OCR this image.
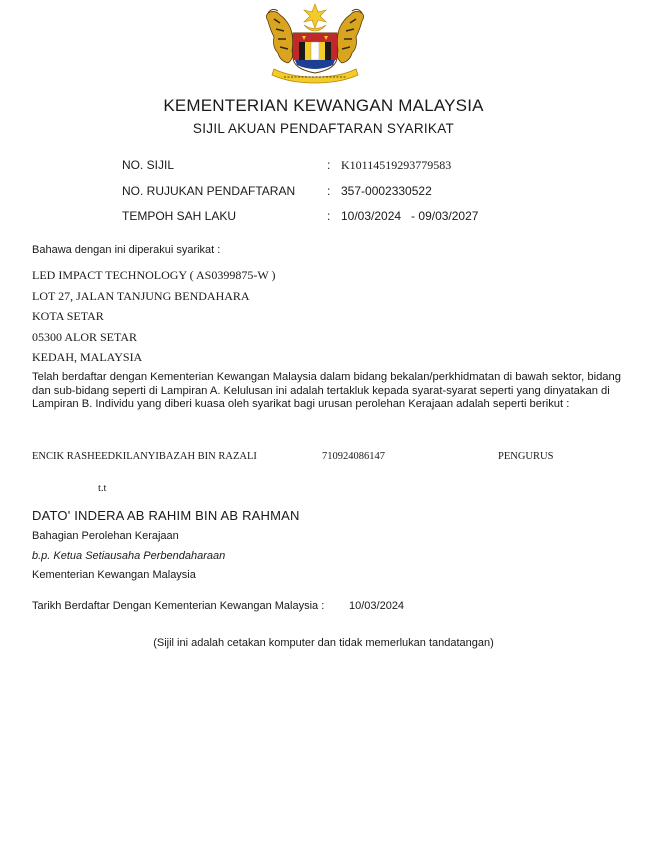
KEMENTERIAN KEWANGAN MALAYSIA
SIJIL AKUAN PENDAFTARAN SYARIKAT
NO. SIJIL	: K10114519293779583
NO. RUJUKAN PENDAFTARAN	: 357-0002330522
TEMPOH SAH LAKU	: 10/03/2024   - 09/03/2027
Bahawa dengan ini diperakui syarikat :
LED IMPACT TECHNOLOGY ( AS0399875-W )
LOT 27, JALAN TANJUNG BENDAHARA
KOTA SETAR
05300 ALOR SETAR
KEDAH, MALAYSIA
Telah berdaftar dengan Kementerian Kewangan Malaysia dalam bidang bekalan/perkhidmatan di bawah sektor, bidang dan sub-bidang seperti di Lampiran A. Kelulusan ini adalah tertakluk kepada syarat-syarat seperti yang dinyatakan di Lampiran B. Individu yang diberi kuasa oleh syarikat bagi urusan perolehan Kerajaan adalah seperti berikut :
ENCIK RASHEEDKILANYIBAZAH BIN RAZALI	710924086147	PENGURUS
t.t
DATO' INDERA AB RAHIM BIN AB RAHMAN
Bahagian Perolehan Kerajaan
b.p. Ketua Setiausaha Perbendaharaan
Kementerian Kewangan Malaysia
Tarikh Berdaftar Dengan Kementerian Kewangan Malaysia : 10/03/2024
(Sijil ini adalah cetakan komputer dan tidak memerlukan tandatangan)
